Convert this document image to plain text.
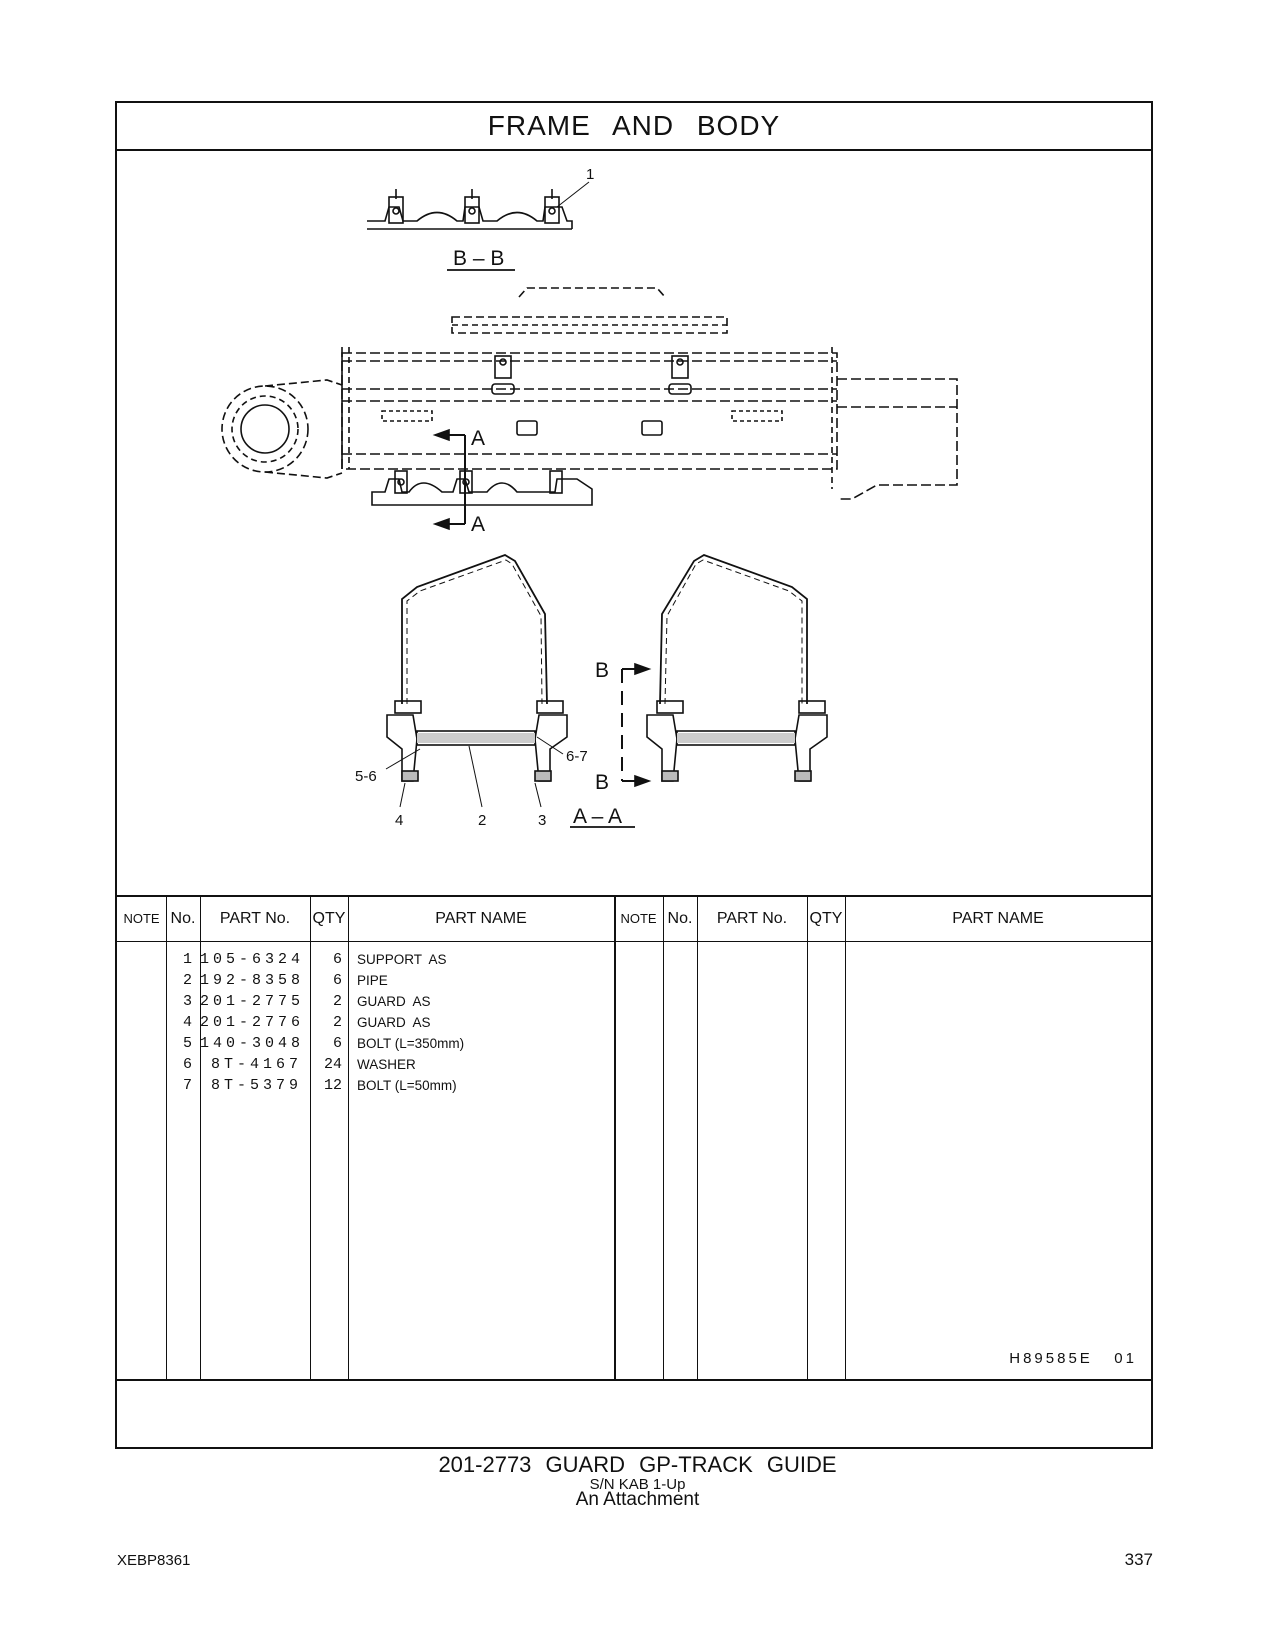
FRAME AND BODY
1
B – B
A
A
B
B
6-7
5-6
4	2	3 A – A
NOTE No.	PART No.	QTY	PART NAME	NOTE No.	PART No.	QTY	PART NAME
1 105-6324	6 SUPPORT  AS
2 192-8358	6 PIPE
3 201-2775	2 GUARD  AS
4 201-2776	2 GUARD  AS
5 140-3048	6 BOLT (L=350mm)
6	8T-4167	24 WASHER
7	8T-5379	12 BOLT (L=50mm)
H89585E   01
201-2773 GUARD GP-TRACK GUIDE
S/N KAB 1-Up
An Attachment
XEBP8361	337
